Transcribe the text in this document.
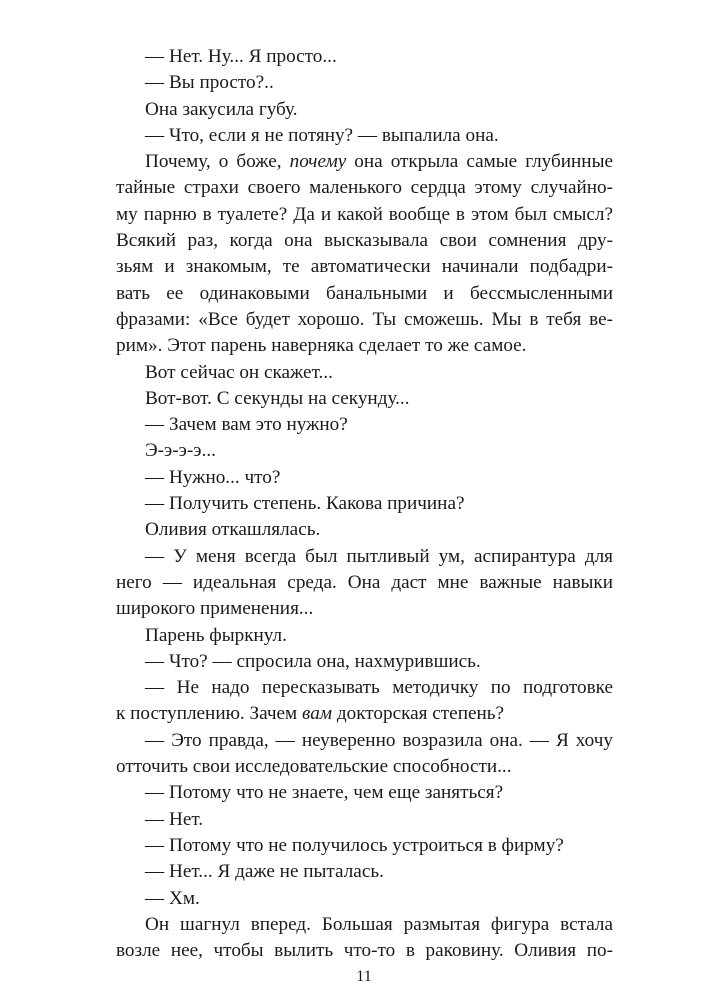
— Нет. Ну... Я просто...
— Вы просто?..
Она закусила губу.
— Что, если я не потяну? — выпалила она.
Почему, о боже, почему она открыла самые глубинные
тайные страхи своего маленького сердца этому случайно-
му парню в туалете? Да и какой вообще в этом был смысл?
Всякий раз, когда она высказывала свои сомнения дру-
зьям и знакомым, те автоматически начинали подбадри-
вать ее одинаковыми банальными и бессмысленными
фразами: «Все будет хорошо. Ты сможешь. Мы в тебя ве-
рим». Этот парень наверняка сделает то же самое.
Вот сейчас он скажет...
Вот-вот. С секунды на секунду...
— Зачем вам это нужно?
Э-э-э-э...
— Нужно... что?
— Получить степень. Какова причина?
Оливия откашлялась.
— У меня всегда был пытливый ум, аспирантура для
него — идеальная среда. Она даст мне важные навыки
широкого применения...
Парень фыркнул.
— Что? — спросила она, нахмурившись.
— Не надо пересказывать методичку по подготовке
к поступлению. Зачем вам докторская степень?
— Это правда, — неуверенно возразила она. — Я хочу
отточить свои исследовательские способности...
— Потому что не знаете, чем еще заняться?
— Нет.
— Потому что не получилось устроиться в фирму?
— Нет... Я даже не пыталась.
— Хм.
Он шагнул вперед. Большая размытая фигура встала
возле нее, чтобы вылить что-то в раковину. Оливия по-
11
